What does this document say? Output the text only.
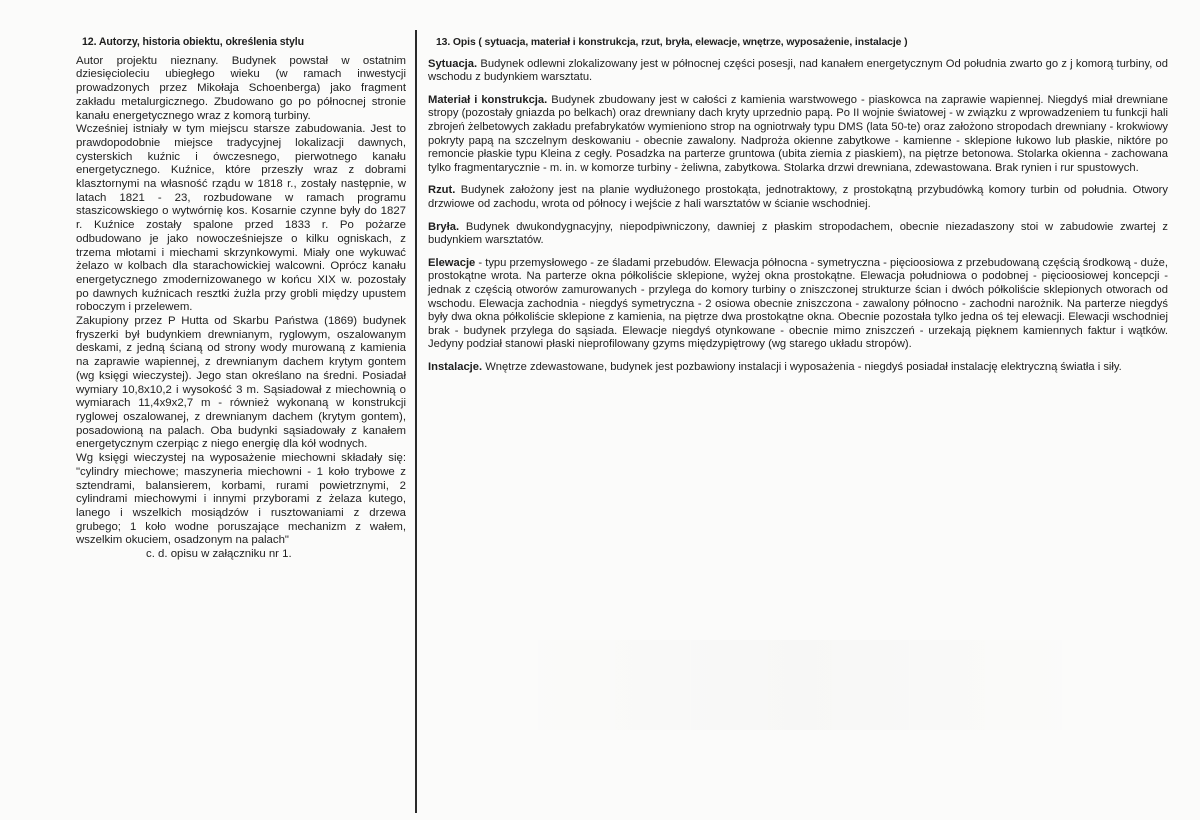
12. Autorzy, historia obiektu, określenia stylu

Autor projektu nieznany. Budynek powstał w ostatnim dziesięcioleciu ubiegłego wieku (w ramach inwestycji prowadzonych przez Mikołaja Schoenberga) jako fragment zakładu metalurgicznego. Zbudowano go po północnej stronie kanału energetycznego wraz z komorą turbiny.

Wcześniej istniały w tym miejscu starsze zabudowania. Jest to prawdopodobnie miejsce tradycyjnej lokalizacji dawnych, cysterskich kuźnic i ówczesnego, pierwotnego kanału energetycznego. Kuźnice, które przeszły wraz z dobrami klasztornymi na własność rządu w 1818 r., zostały następnie, w latach 1821 - 23, rozbudowane w ramach programu staszicowskiego o wytwórnię kos. Kosarnie czynne były do 1827 r. Kuźnice zostały spalone przed 1833 r. Po pożarze odbudowano je jako nowocześniejsze o kilku ogniskach, z trzema młotami i miechami skrzynkowymi. Miały one wykuwać żelazo w kolbach dla starachowickiej walcowni. Oprócz kanału energetycznego zmodernizowanego w końcu XIX w. pozostały po dawnych kuźnicach resztki żużla przy grobli między upustem roboczym i przelewem.

Zakupiony przez P Hutta od Skarbu Państwa (1869) budynek fryszerki był budynkiem drewnianym, ryglowym, oszalowanym deskami, z jedną ścianą od strony wody murowaną z kamienia na zaprawie wapiennej, z drewnianym dachem krytym gontem (wg księgi wieczystej). Jego stan określano na średni. Posiadał wymiary 10,8x10,2 i wysokość 3 m. Sąsiadował z miechownią o wymiarach 11,4x9x2,7 m - również wykonaną w konstrukcji ryglowej oszalowanej, z drewnianym dachem (krytym gontem), posadowioną na palach. Oba budynki sąsiadowały z kanałem energetycznym czerpiąc z niego energię dla kół wodnych.

Wg księgi wieczystej na wyposażenie miechowni składały się: "cylindry miechowe; maszyneria miechowni - 1 koło trybowe z sztendrami, balansierem, korbami, rurami powietrznymi, 2 cylindrami miechowymi i innymi przyborami z żelaza kutego, lanego i wszelkich mosiądzów i rusztowaniami z drzewa grubego; 1 koło wodne poruszające mechanizm z wałem, wszelkim okuciem, osadzonym na palach"

c. d. opisu w załączniku nr 1.

13. Opis ( sytuacja, materiał i konstrukcja, rzut, bryła, elewacje, wnętrze, wyposażenie, instalacje )

Sytuacja. Budynek odlewni zlokalizowany jest w północnej części posesji, nad kanałem energetycznym Od południa zwarto go z j komorą turbiny, od wschodu z budynkiem warsztatu.

Materiał i konstrukcja. Budynek zbudowany jest w całości z kamienia warstwowego - piaskowca na zaprawie wapiennej. Niegdyś miał drewniane stropy (pozostały gniazda po belkach) oraz drewniany dach kryty uprzednio papą. Po II wojnie światowej - w związku z wprowadzeniem tu funkcji hali zbrojeń żelbetowych zakładu prefabrykatów wymieniono strop na ogniotrwały typu DMS (lata 50-te) oraz założono stropodach drewniany - krokwiowy pokryty papą na szczelnym deskowaniu - obecnie zawalony. Nadproża okienne zabytkowe - kamienne - sklepione łukowo lub płaskie, niktóre po remoncie płaskie typu Kleina z cegły. Posadzka na parterze gruntowa (ubita ziemia z piaskiem), na piętrze betonowa. Stolarka okienna - zachowana tylko fragmentarycznie - m. in. w komorze turbiny - żeliwna, zabytkowa. Stolarka drzwi drewniana, zdewastowana. Brak rynien i rur spustowych.

Rzut. Budynek założony jest na planie wydłużonego prostokąta, jednotraktowy, z prostokątną przybudówką komory turbin od południa. Otwory drzwiowe od zachodu, wrota od północy i wejście z hali warsztatów w ścianie wschodniej.

Bryła. Budynek dwukondygnacyjny, niepodpiwniczony, dawniej z płaskim stropodachem, obecnie niezadaszony stoi w zabudowie zwartej z budynkiem warsztatów.

Elewacje - typu przemysłowego - ze śladami przebudów. Elewacja północna - symetryczna - pięcioosiowa z przebudowaną częścią środkową - duże, prostokątne wrota. Na parterze okna półkoliście sklepione, wyżej okna prostokątne. Elewacja południowa o podobnej - pięcioosiowej koncepcji - jednak z częścią otworów zamurowanych - przylega do komory turbiny o zniszczonej strukturze ścian i dwóch półkoliście sklepionych otworach od wschodu. Elewacja zachodnia - niegdyś symetryczna - 2 osiowa obecnie zniszczona - zawalony północno - zachodni narożnik. Na parterze niegdyś były dwa okna półkoliście sklepione z kamienia, na piętrze dwa prostokątne okna. Obecnie pozostała tylko jedna oś tej elewacji. Elewacji wschodniej brak - budynek przylega do sąsiada. Elewacje niegdyś otynkowane - obecnie mimo zniszczeń - urzekają pięknem kamiennych faktur i wątków. Jedyny podział stanowi płaski nieprofilowany gzyms międzypiętrowy (wg starego układu stropów).

Instalacje. Wnętrze zdewastowane, budynek jest pozbawiony instalacji i wyposażenia - niegdyś posiadał instalację elektryczną światła i siły.
